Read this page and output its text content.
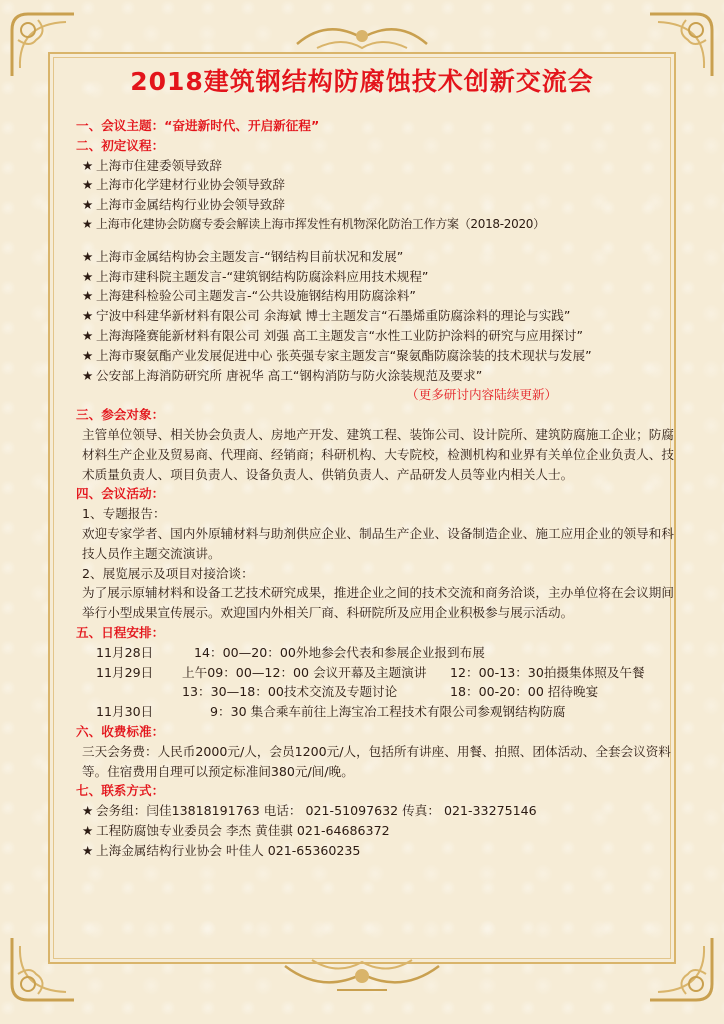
2018建筑钢结构防腐蚀技术创新交流会
一、会议主题：“奋进新时代、开启新征程”
二、初定议程：
★ 上海市住建委领导致辞
★ 上海市化学建材行业协会领导致辞
★ 上海市金属结构行业协会领导致辞
★ 上海市化建协会防腐专委会解读上海市挥发性有机物深化防治工作方案（2018-2020）
★ 上海市金属结构协会主题发言-“钢结构目前状况和发展”
★ 上海市建科院主题发言-“建筑钢结构防腐涂料应用技术规程”
★ 上海建科检验公司主题发言-“公共设施钢结构用防腐涂料”
★ 宁波中科建华新材料有限公司 余海斌 博士主题发言“石墨烯重防腐涂料的理论与实践”
★ 上海海隆赛能新材料有限公司 刘强 高工主题发言“水性工业防护涂料的研究与应用探讨”
★ 上海市聚氨酯产业发展促进中心 张英强专家主题发言“聚氨酯防腐涂装的技术现状与发展”
★ 公安部上海消防研究所 唐祝华 高工“钢构消防与防火涂装规范及要求”
（更多研讨内容陆续更新）
三、参会对象：
主管单位领导、相关协会负责人、房地产开发、建筑工程、装饰公司、设计院所、建筑防腐施工企业；防腐材料生产企业及贸易商、代理商、经销商；科研机构、大专院校，检测机构和业界有关单位企业负责人、技术质量负责人、项目负责人、设备负责人、供销负责人、产品研发人员等业内相关人士。
四、会议活动：
1、专题报告：
欢迎专家学者、国内外原辅材料与助剂供应企业、制品生产企业、设备制造企业、施工应用企业的领导和科技人员作主题交流演讲。
2、展览展示及项目对接洽谈：
为了展示原辅材料和设备工艺技术研究成果，推进企业之间的技术交流和商务洽谈，主办单位将在会议期间举行小型成果宣传展示。欢迎国内外相关厂商、科研院所及应用企业积极参与展示活动。
五、日程安排：
11月28日	14：00—20：00外地参会代表和参展企业报到布展
11月29日 上午09：00—12：00 会议开幕及主题演讲 12：00-13：30拍摄集体照及午餐
13：30—18：00技术交流及专题讨论	18：00-20：00 招待晚宴
11月30日	9：30 集合乘车前往上海宝冶工程技术有限公司参观钢结构防腐
六、收费标准：
三天会务费：人民币2000元/人，会员1200元/人，包括所有讲座、用餐、拍照、团体活动、全套会议资料等。住宿费用自理可以预定标准间380元/间/晚。
七、联系方式：
★ 会务组：闫佳13818191763 电话： 021-51097632 传真： 021-33275146
★ 工程防腐蚀专业委员会 李杰 黄佳骐 021-64686372
★ 上海金属结构行业协会 叶佳人 021-65360235
